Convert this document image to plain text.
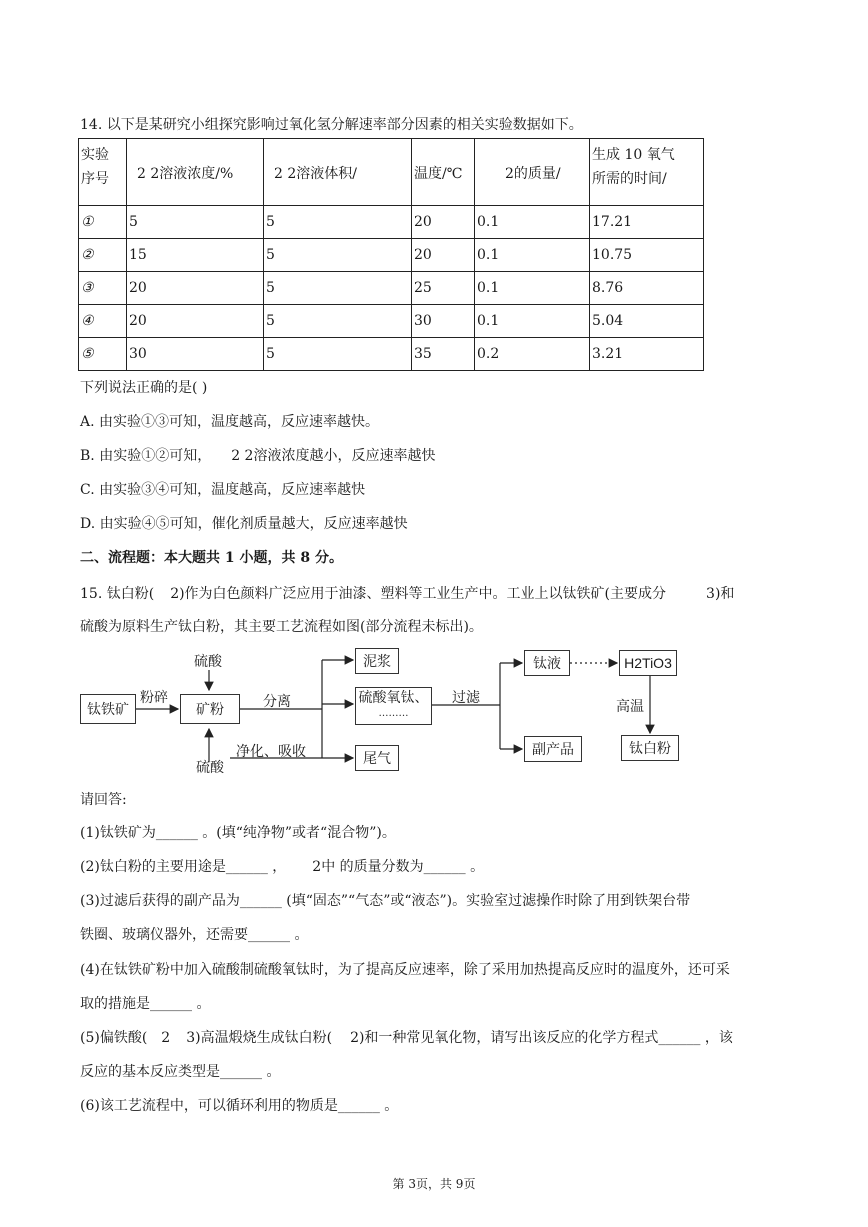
14. 以下是某研究小组探究影响过氧化氢分解速率部分因素的相关实验数据如下。
实验
序号	2 2溶液浓度/%	2 2溶液体积/	温度/℃	2的质量/	生成 10 氧气
所需的时间/
①	5	5	20	0.1	17.21
②	15	5	20	0.1	10.75
③	20	5	25	0.1	8.76
④	20	5	30	0.1	5.04
⑤	30	5	35	0.2	3.21
下列说法正确的是( )
A. 由实验①③可知，温度越高，反应速率越快。
B. 由实验①②可知， 2 2溶液浓度越小，反应速率越快
C. 由实验③④可知，温度越高，反应速率越快
D. 由实验④⑤可知，催化剂质量越大，反应速率越快
二、流程题：本大题共 1 小题，共 8 分。
15. 钛白粉( 2)作为白色颜料广泛应用于油漆、塑料等工业生产中。工业上以钛铁矿(主要成分	3)和
硫酸为原料生产钛白粉，其主要工艺流程如图(部分流程未标出)。
钛铁矿
粉碎
矿粉
硫酸
硫酸
分离
净化、吸收
泥浆
硫酸氧钛、
………
尾气
过滤
钛液
副产品
H2TiO3
高温
钛白粉
请回答:
(1)钛铁矿为______ 。(填“纯净物”或者“混合物”)。
(2)钛白粉的主要用途是______ ， 2中 的质量分数为______ 。
(3)过滤后获得的副产品为______ (填“固态”“气态”或“液态”)。实验室过滤操作时除了用到铁架台带
铁圈、玻璃仪器外，还需要______ 。
(4)在钛铁矿粉中加入硫酸制硫酸氧钛时，为了提高反应速率，除了采用加热提高反应时的温度外，还可采
取的措施是______ 。
(5)偏铁酸( 2 3)高温煅烧生成钛白粉( 2)和一种常见氧化物，请写出该反应的化学方程式______ ，该
反应的基本反应类型是______ 。
(6)该工艺流程中，可以循环利用的物质是______ 。
第 3页，共 9页
